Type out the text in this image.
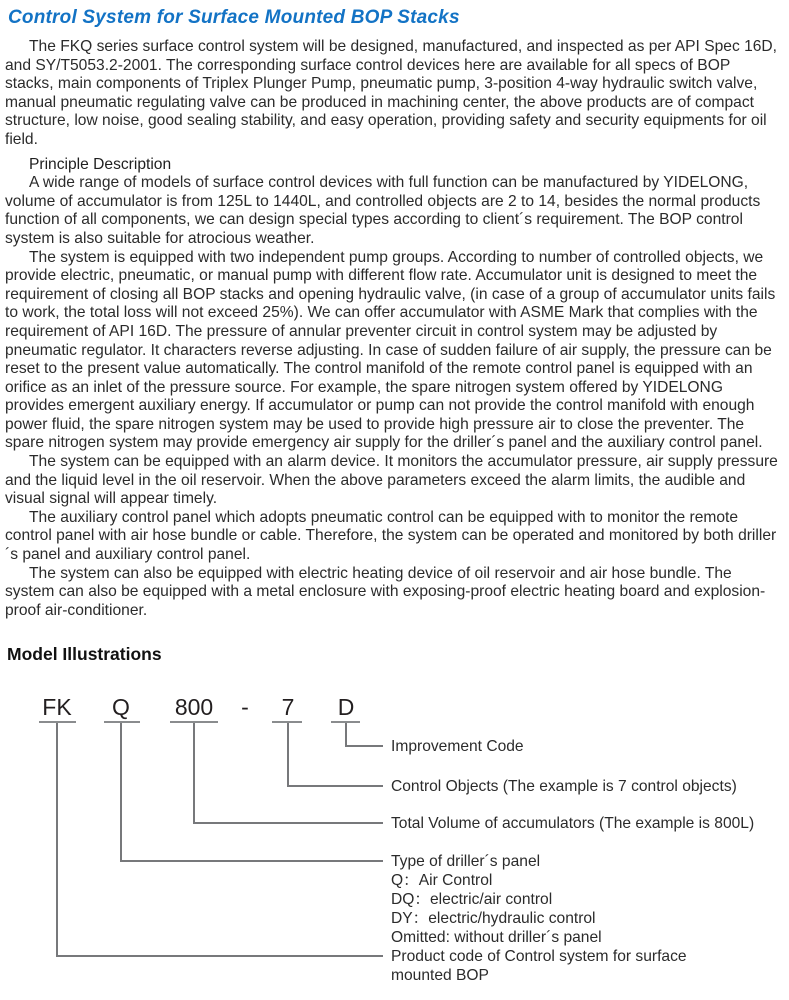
Control System for Surface Mounted BOP Stacks

The FKQ series surface control system will be designed, manufactured, and inspected as per API Spec 16D, and SY/T5053.2-2001. The corresponding surface control devices here are available for all specs of BOP stacks, main components of Triplex Plunger Pump, pneumatic pump, 3-position 4-way hydraulic switch valve, manual pneumatic regulating valve can be produced in machining center, the above products are of compact structure, low noise, good sealing stability, and easy operation, providing safety and security equipments for oil field.

Principle Description

A wide range of models of surface control devices with full function can be manufactured by YIDELONG, volume of accumulator is from 125L to 1440L, and controlled objects are 2 to 14, besides the normal products function of all components, we can design special types according to client´s requirement. The BOP control system is also suitable for atrocious weather.

The system is equipped with two independent pump groups. According to number of controlled objects, we provide electric, pneumatic, or manual pump with different flow rate. Accumulator unit is designed to meet the requirement of closing all BOP stacks and opening hydraulic valve, (in case of a group of accumulator units fails to work, the total loss will not exceed 25%). We can offer accumulator with ASME Mark that complies with the requirement of API 16D. The pressure of annular preventer circuit in control system may be adjusted by pneumatic regulator. It characters reverse adjusting. In case of sudden failure of air supply, the pressure can be reset to the present value automatically. The control manifold of the remote control panel is equipped with an orifice as an inlet of the pressure source. For example, the spare nitrogen system offered by YIDELONG provides emergent auxiliary energy. If accumulator or pump can not provide the control manifold with enough power fluid, the spare nitrogen system may be used to provide high pressure air to close the preventer. The spare nitrogen system may provide emergency air supply for the driller´s panel and the auxiliary control panel.

The system can be equipped with an alarm device. It monitors the accumulator pressure, air supply pressure and the liquid level in the oil reservoir. When the above parameters exceed the alarm limits, the audible and visual signal will appear timely.

The auxiliary control panel which adopts pneumatic control can be equipped with to monitor the remote control panel with air hose bundle or cable. Therefore, the system can be operated and monitored by both driller´s panel and auxiliary control panel.

The system can also be equipped with electric heating device of oil reservoir and air hose bundle. The system can also be equipped with a metal enclosure with exposing-proof electric heating board and explosion-proof air-conditioner.

Model Illustrations
FK Q 800 - 7 D
Improvement Code
Control Objects (The example is 7 control objects)
Total Volume of accumulators (The example is 800L)
Type of driller´s panel
Q：Air Control
DQ：electric/air control
DY：electric/hydraulic control
Omitted: without driller´s panel
Product code of Control system for surface mounted BOP
